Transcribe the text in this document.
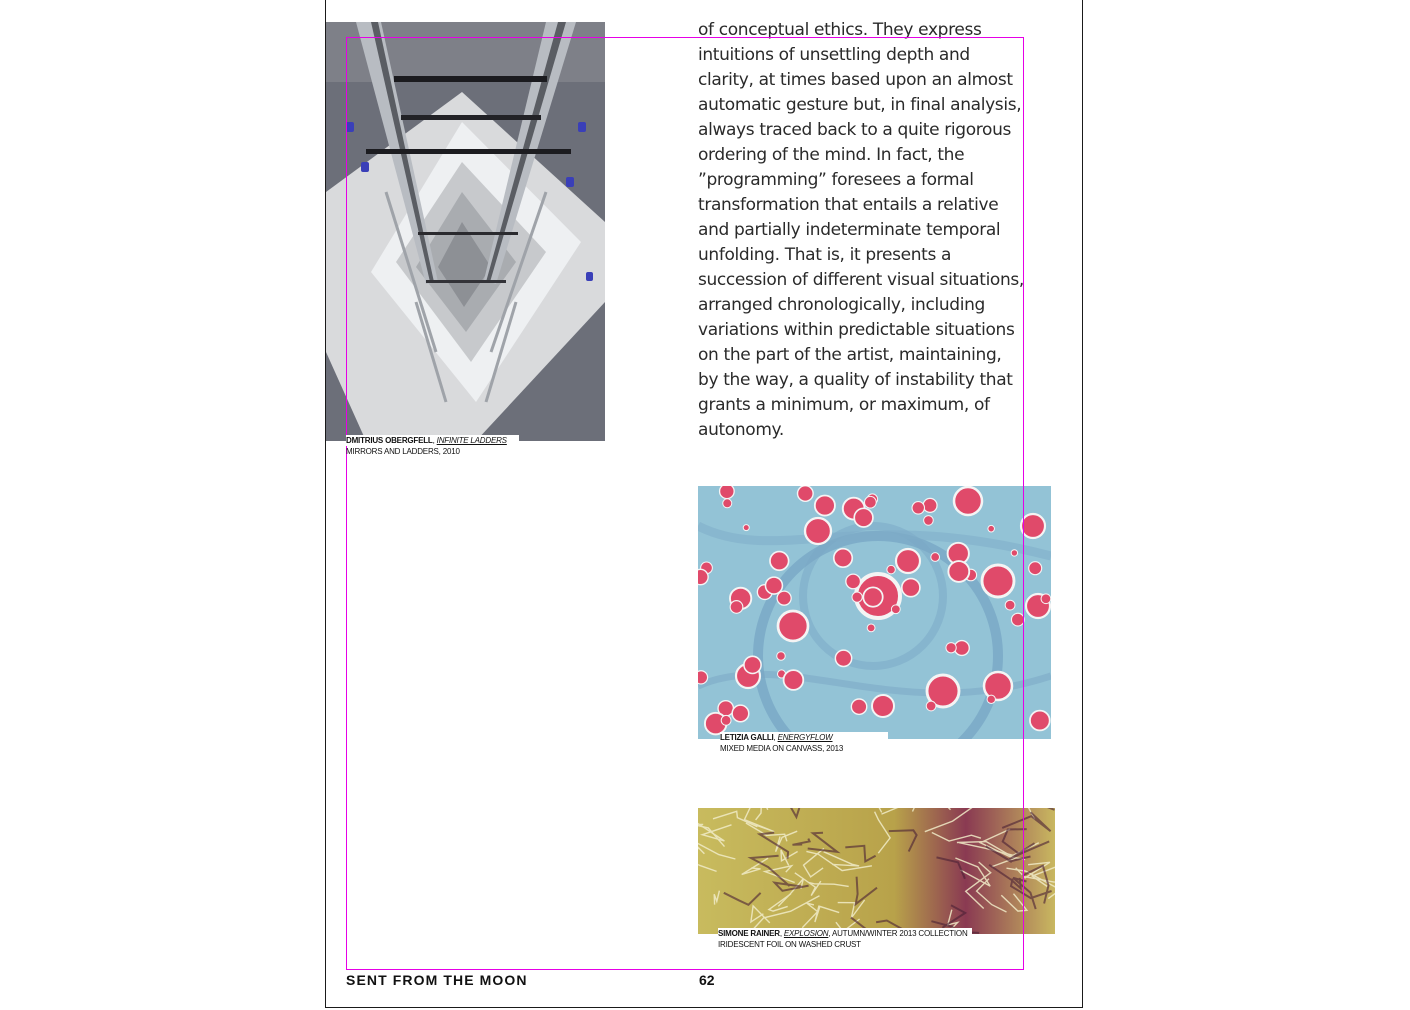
DMITRIUS OBERGFELL, INFINITE LADDERS
MIRRORS AND LADDERS, 2010
of conceptual ethics. They express
intuitions of unsettling depth and
clarity, at times based upon an almost
automatic gesture but, in final analysis,
always traced back to a quite rigorous
ordering of the mind. In fact, the
”programming” foresees a formal
transformation that entails a relative
and partially indeterminate temporal
unfolding. That is, it presents a
succession of different visual situations,
arranged chronologically, including
variations within predictable situations
on the part of the artist, maintaining,
by the way, a quality of instability that
grants a minimum, or maximum, of
autonomy.
LETIZIA GALLI, ENERGYFLOW
MIXED MEDIA ON CANVASS, 2013
SIMONE RAINER, EXPLOSION, AUTUMN/WINTER 2013 COLLECTION
IRIDESCENT FOIL ON WASHED CRUST
SENT FROM THE MOON	62
